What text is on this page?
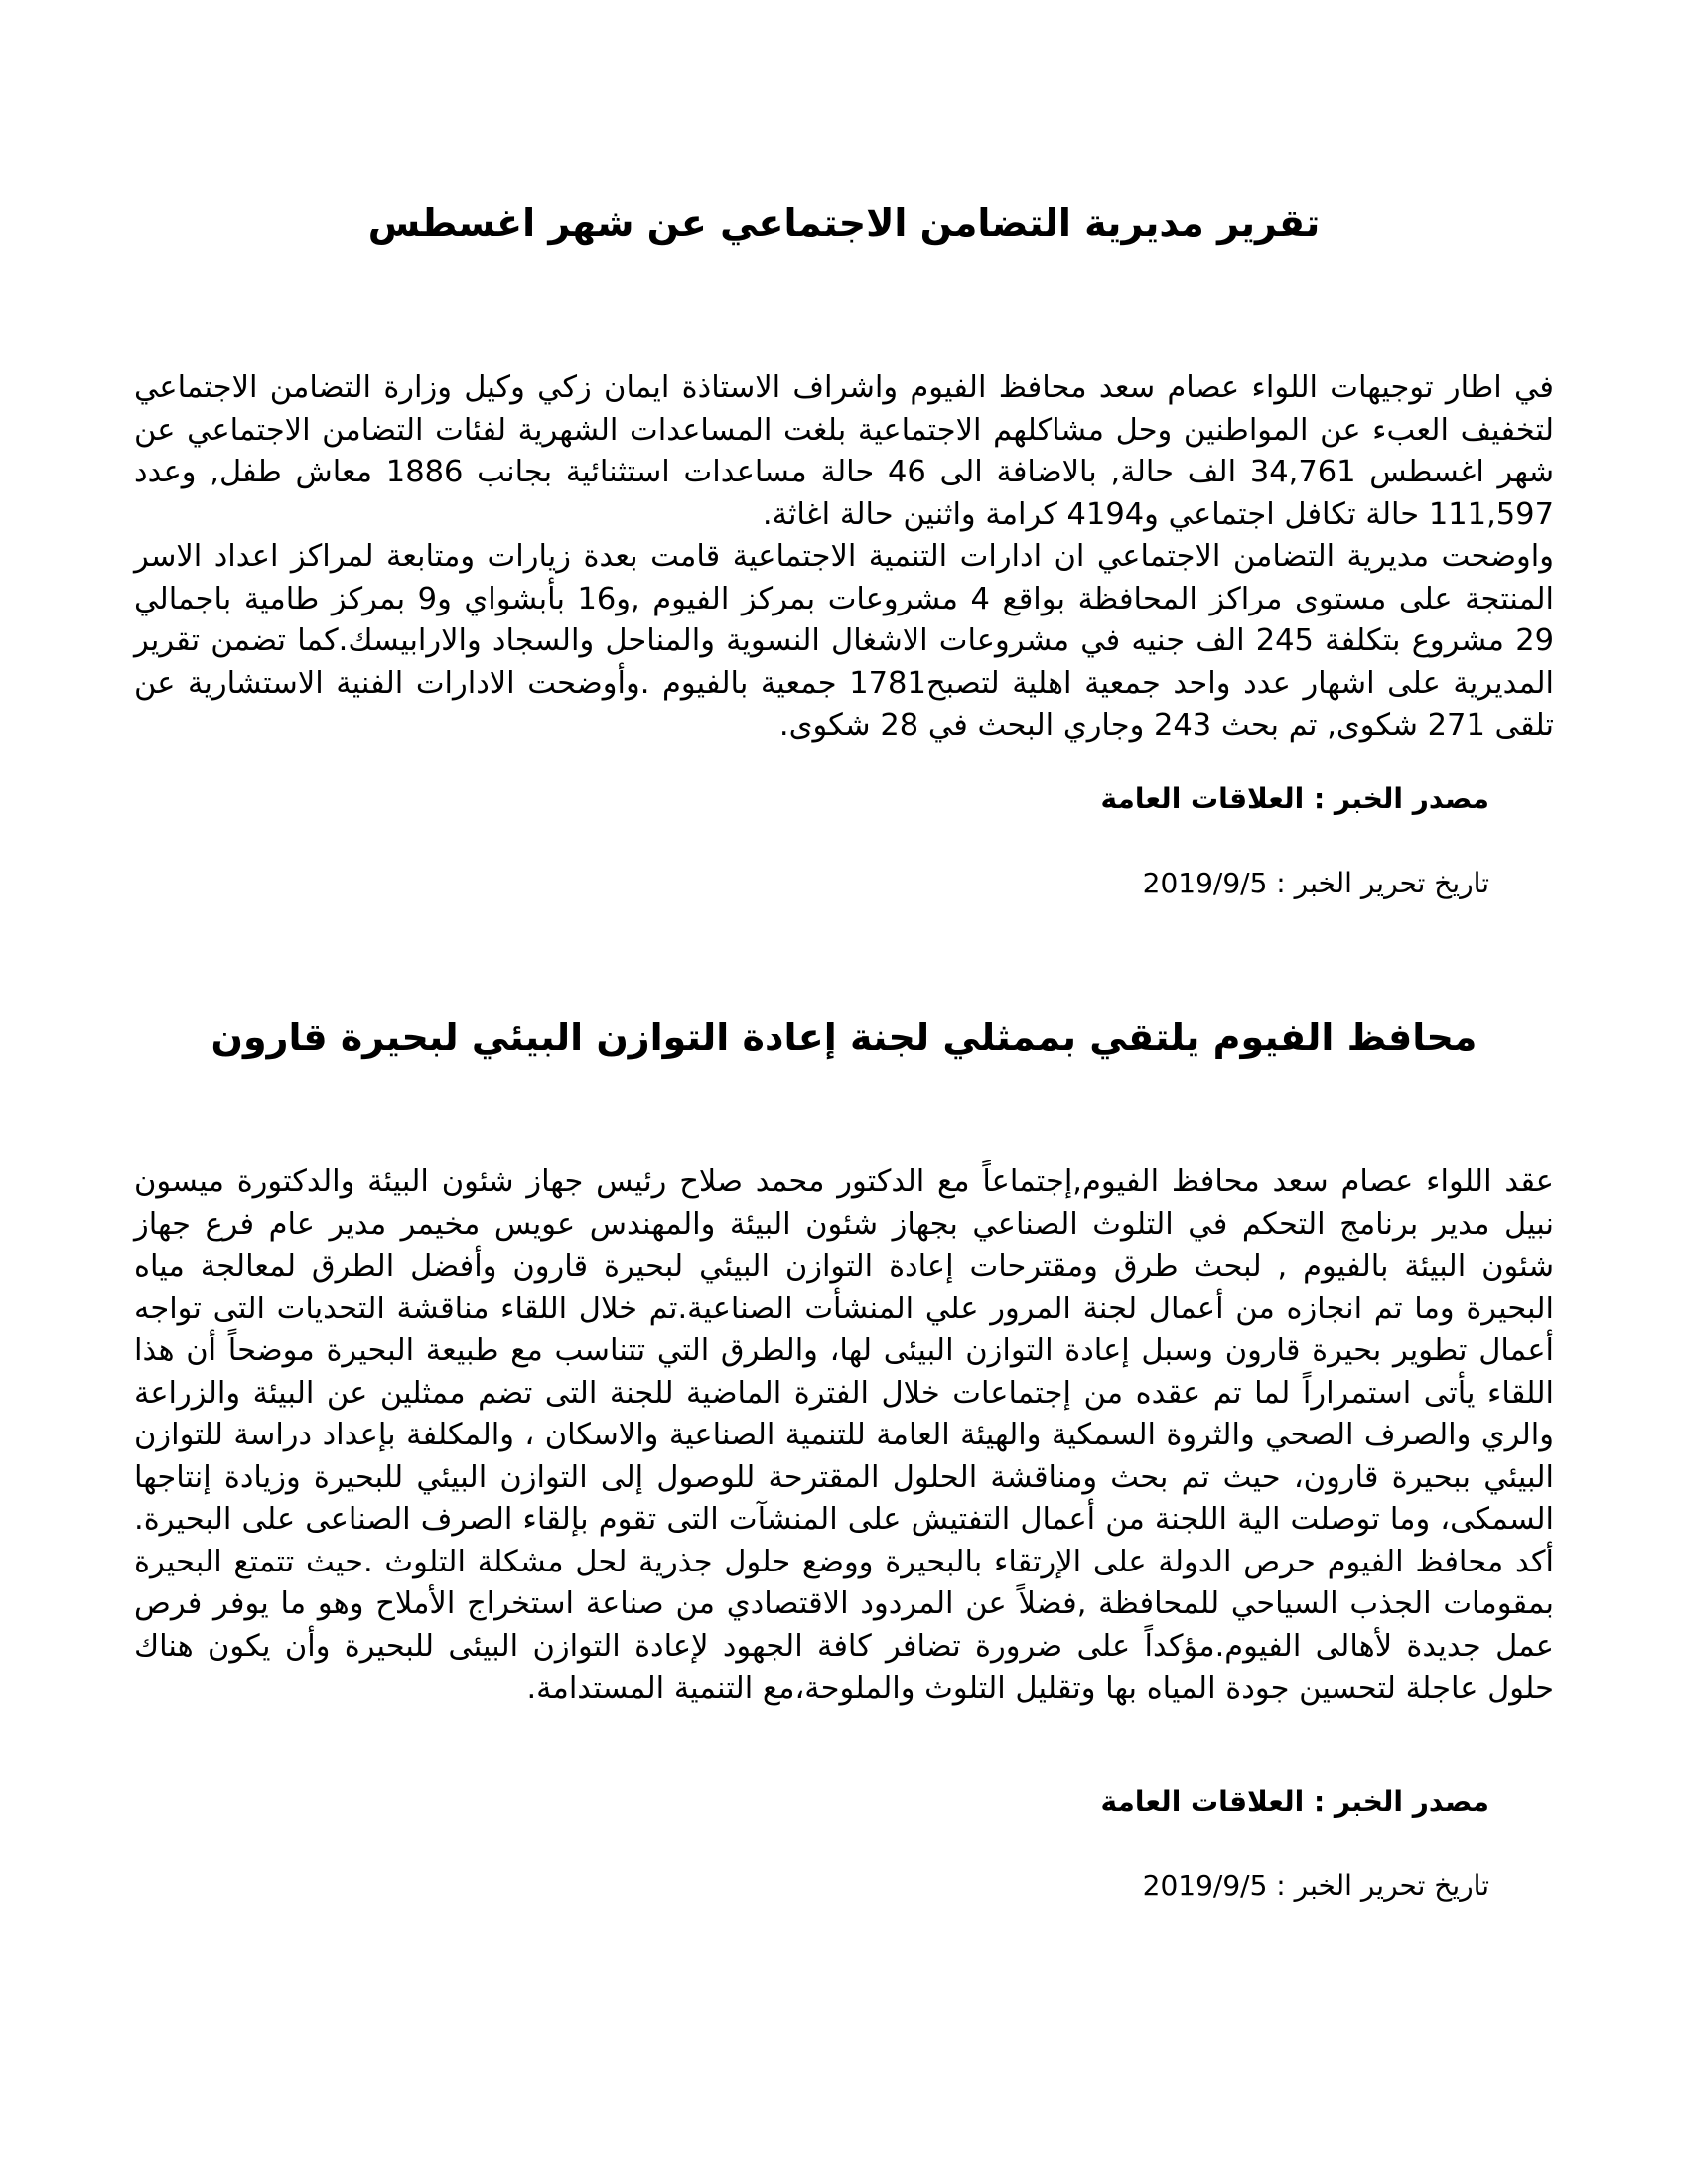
تقرير مديرية التضامن الاجتماعي عن شهر اغسطس

في اطار توجيهات اللواء عصام سعد محافظ الفيوم واشراف الاستاذة ايمان زكي وكيل وزارة التضامن الاجتماعي لتخفيف العبء عن المواطنين وحل مشاكلهم الاجتماعية بلغت المساعدات الشهرية لفئات التضامن الاجتماعي عن شهر اغسطس 34,761 الف حالة, بالاضافة الى 46 حالة مساعدات استثنائية بجانب 1886 معاش طفل, وعدد 111,597 حالة تكافل اجتماعي و4194 كرامة واثنين حالة اغاثة.

واوضحت مديرية التضامن الاجتماعي ان ادارات التنمية الاجتماعية قامت بعدة زيارات ومتابعة لمراكز اعداد الاسر المنتجة على مستوى مراكز المحافظة بواقع 4 مشروعات بمركز الفيوم ,و16 بأبشواي و9 بمركز طامية باجمالي 29 مشروع بتكلفة 245 الف جنيه في مشروعات الاشغال النسوية والمناحل والسجاد والارابيسك.كما تضمن تقرير المديرية على اشهار عدد واحد جمعية اهلية لتصبح1781 جمعية بالفيوم .وأوضحت الادارات الفنية الاستشارية عن تلقى 271 شكوى, تم بحث 243 وجاري البحث في 28 شكوى.

مصدر الخبر : العلاقات العامة

تاريخ تحرير الخبر : 2019/9/5

محافظ الفيوم يلتقي بممثلي لجنة إعادة التوازن البيئي لبحيرة قارون

عقد اللواء عصام سعد محافظ الفيوم,إجتماعاً مع الدكتور محمد صلاح رئيس جهاز شئون البيئة والدكتورة ميسون نبيل مدير برنامج التحكم في التلوث الصناعي بجهاز شئون البيئة والمهندس عويس مخيمر مدير عام فرع جهاز شئون البيئة بالفيوم , لبحث طرق ومقترحات إعادة التوازن البيئي لبحيرة قارون وأفضل الطرق لمعالجة مياه البحيرة وما تم انجازه من أعمال لجنة المرور علي المنشأت الصناعية.تم خلال اللقاء مناقشة التحديات التى تواجه أعمال تطوير بحيرة قارون وسبل إعادة التوازن البيئى لها، والطرق التي تتناسب مع طبيعة البحيرة موضحاً أن هذا اللقاء يأتى استمراراً لما تم عقده من إجتماعات خلال الفترة الماضية للجنة التى تضم ممثلين عن البيئة والزراعة والري والصرف الصحي والثروة السمكية والهيئة العامة للتنمية الصناعية والاسكان ، والمكلفة بإعداد دراسة للتوازن البيئي ببحيرة قارون، حيث تم بحث ومناقشة الحلول المقترحة للوصول إلى التوازن البيئي للبحيرة وزيادة إنتاجها السمكى، وما توصلت الية اللجنة من أعمال التفتيش على المنشآت التى تقوم بإلقاء الصرف الصناعى على البحيرة. أكد محافظ الفيوم حرص الدولة على الإرتقاء بالبحيرة ووضع حلول جذرية لحل مشكلة التلوث .حيث تتمتع البحيرة بمقومات الجذب السياحي للمحافظة ,فضلاً عن المردود الاقتصادي من صناعة استخراج الأملاح وهو ما يوفر فرص عمل جديدة لأهالى الفيوم.مؤكداً على ضرورة تضافر كافة الجهود لإعادة التوازن البيئى للبحيرة وأن يكون هناك حلول عاجلة لتحسين جودة المياه بها وتقليل التلوث والملوحة،مع التنمية المستدامة.

مصدر الخبر : العلاقات العامة

تاريخ تحرير الخبر : 2019/9/5
